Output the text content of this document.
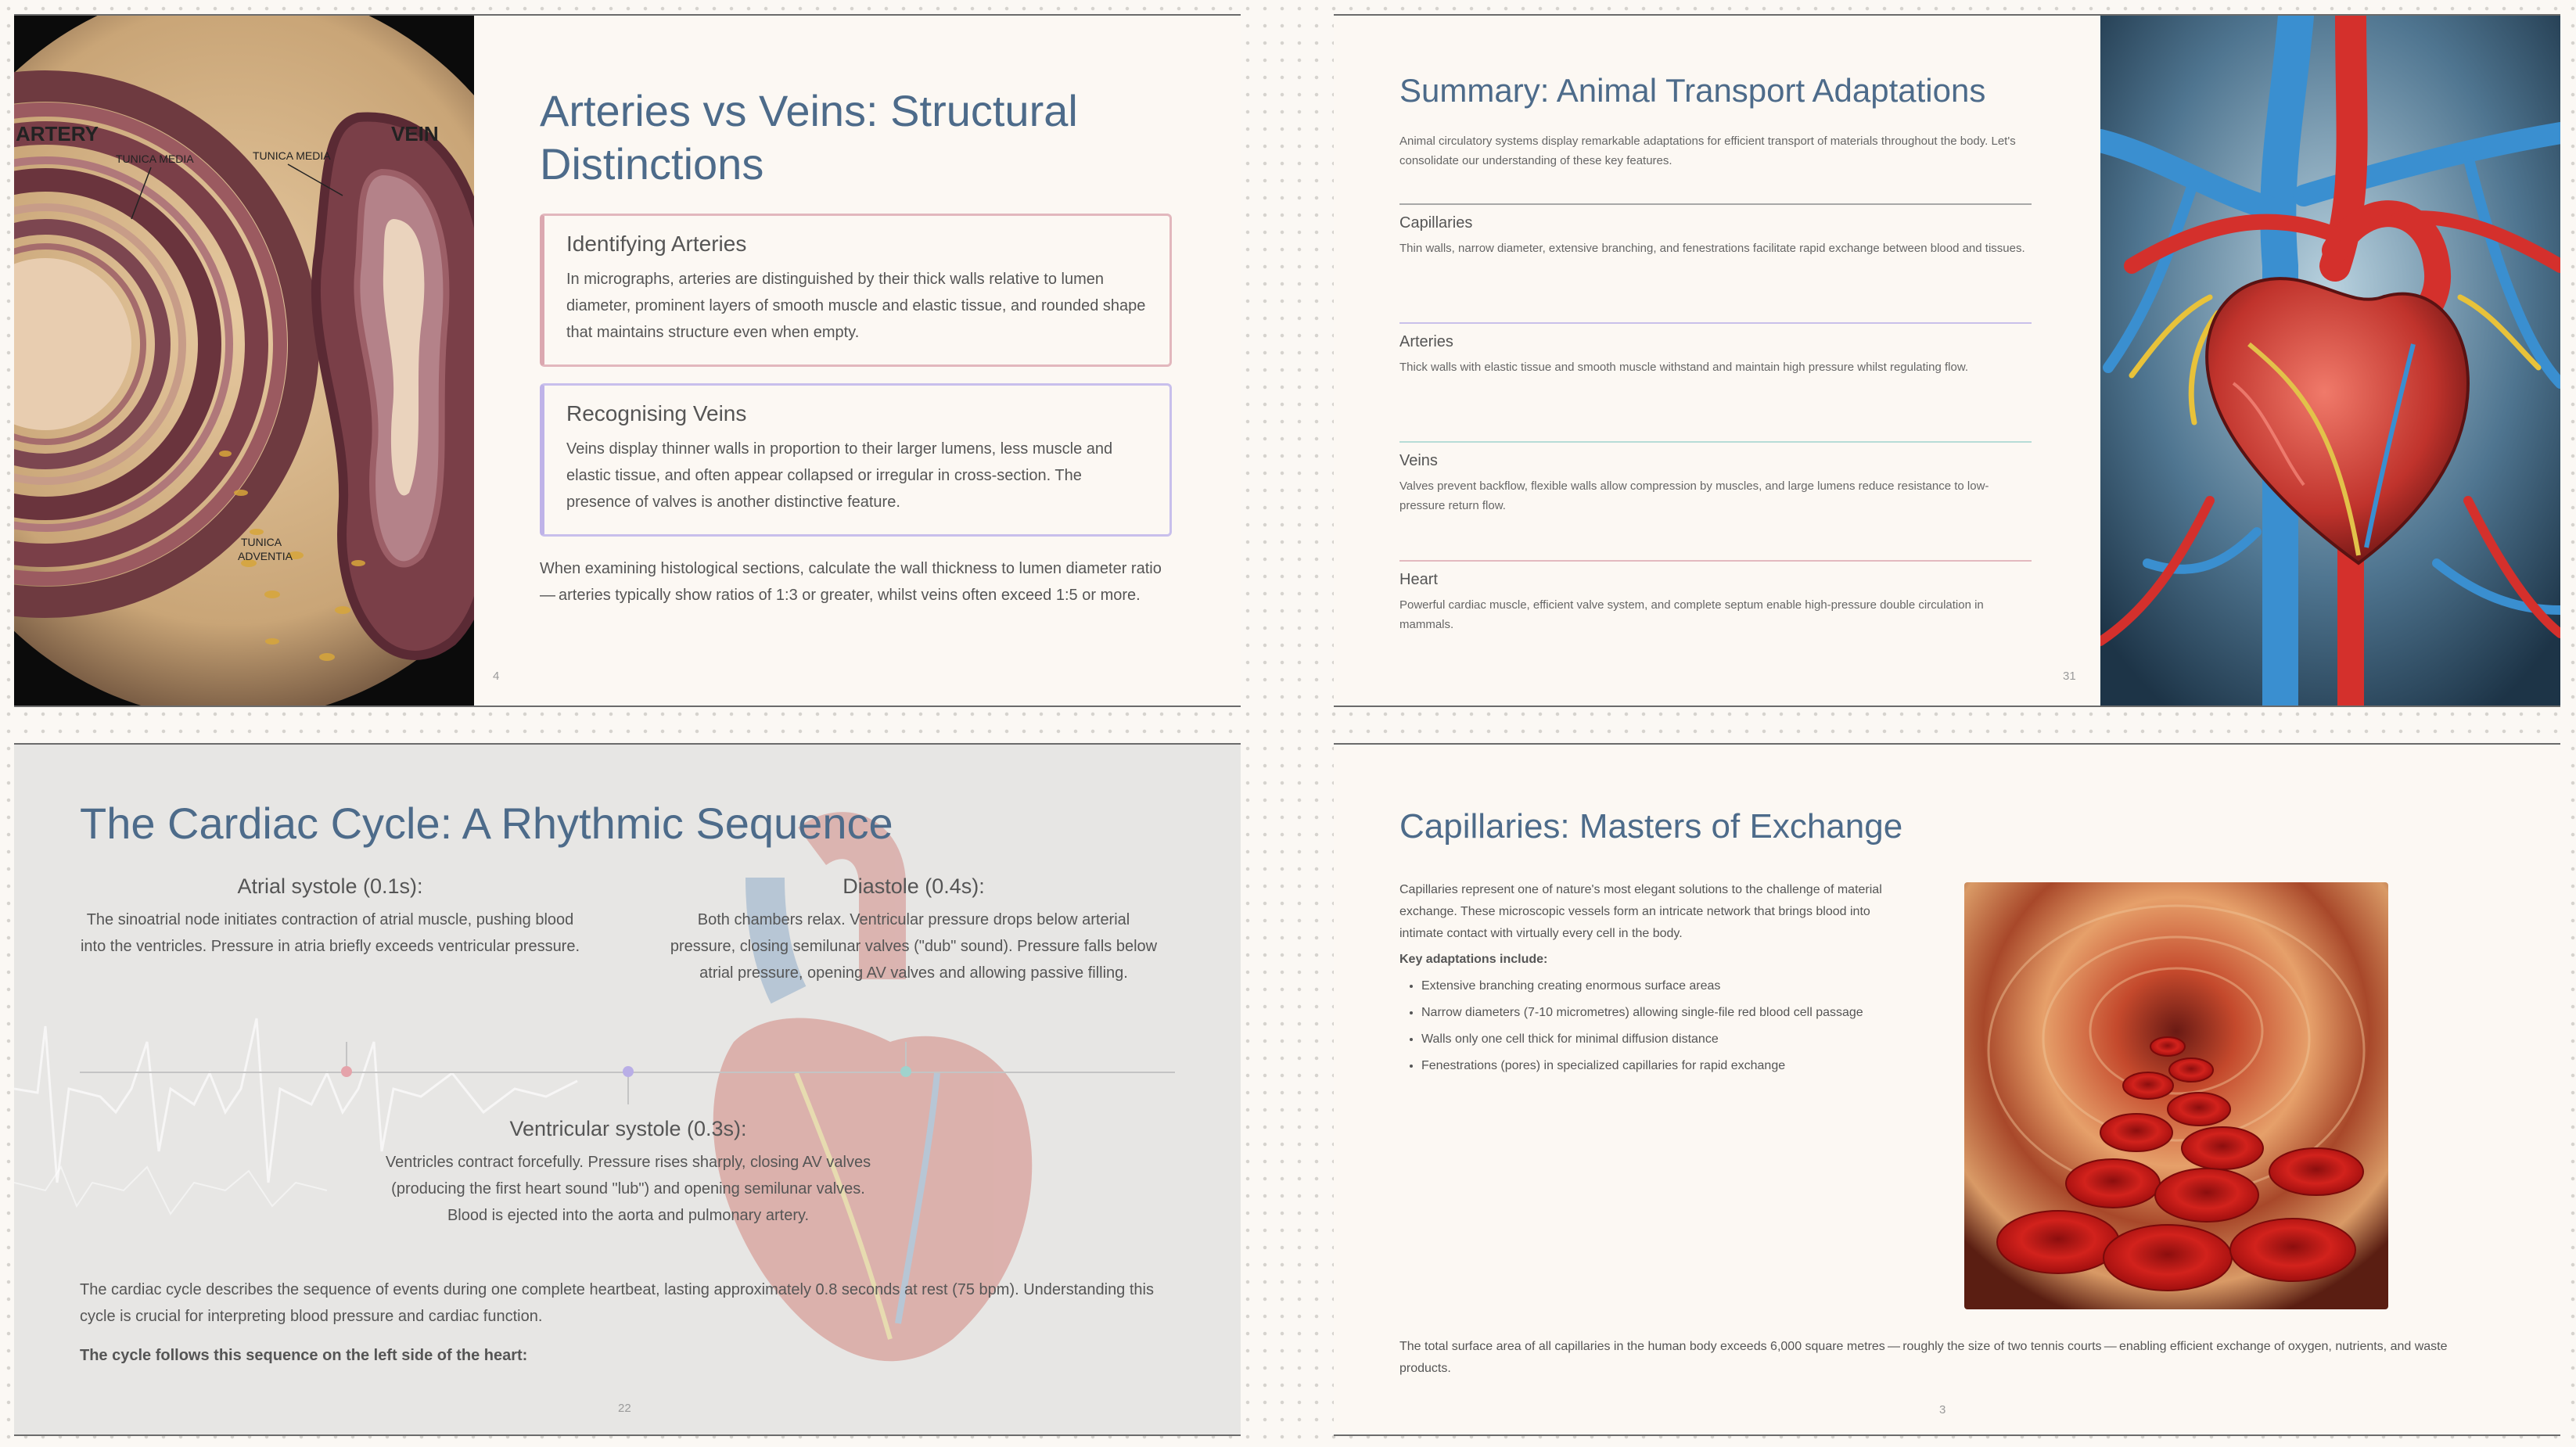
ARTERY	VEIN
TUNICA MEDIA	TUNICA MEDIA
TUNICA
ADVENTIA
Arteries vs Veins: Structural Distinctions
Identifying Arteries

In micrographs, arteries are distinguished by their thick walls relative to lumen diameter, prominent layers of smooth muscle and elastic tissue, and rounded shape that maintains structure even when empty.

Recognising Veins

Veins display thinner walls in proportion to their larger lumens, less muscle and elastic tissue, and often appear collapsed or irregular in cross-section. The presence of valves is another distinctive feature.

When examining histological sections, calculate the wall thickness to lumen diameter ratio — arteries typically show ratios of 1:3 or greater, whilst veins often exceed 1:5 or more.

4
Summary: Animal Transport Adaptations

Animal circulatory systems display remarkable adaptations for efficient transport of materials throughout the body. Let's consolidate our understanding of these key features.

Capillaries

Thin walls, narrow diameter, extensive branching, and fenestrations facilitate rapid exchange between blood and tissues.

Arteries

Thick walls with elastic tissue and smooth muscle withstand and maintain high pressure whilst regulating flow.

Veins

Valves prevent backflow, flexible walls allow compression by muscles, and large lumens reduce resistance to low-pressure return flow.

Heart

Powerful cardiac muscle, efficient valve system, and complete septum enable high-pressure double circulation in mammals.

31
The Cardiac Cycle: A Rhythmic Sequence
Atrial systole (0.1s):

The sinoatrial node initiates contraction of atrial muscle, pushing blood into the ventricles. Pressure in atria briefly exceeds ventricular pressure.

Diastole (0.4s):

Both chambers relax. Ventricular pressure drops below arterial pressure, closing semilunar valves ("dub" sound). Pressure falls below atrial pressure, opening AV valves and allowing passive filling.

Ventricular systole (0.3s):

Ventricles contract forcefully. Pressure rises sharply, closing AV valves (producing the first heart sound "lub") and opening semilunar valves. Blood is ejected into the aorta and pulmonary artery.

The cardiac cycle describes the sequence of events during one complete heartbeat, lasting approximately 0.8 seconds at rest (75 bpm). Understanding this cycle is crucial for interpreting blood pressure and cardiac function.

The cycle follows this sequence on the left side of the heart:

22
Capillaries: Masters of Exchange

Capillaries represent one of nature's most elegant solutions to the challenge of material exchange. These microscopic vessels form an intricate network that brings blood into intimate contact with virtually every cell in the body.

Key adaptations include:

• Extensive branching creating enormous surface areas
• Narrow diameters (7-10 micrometres) allowing single-file red blood cell passage
• Walls only one cell thick for minimal diffusion distance
• Fenestrations (pores) in specialized capillaries for rapid exchange

The total surface area of all capillaries in the human body exceeds 6,000 square metres — roughly the size of two tennis courts — enabling efficient exchange of oxygen, nutrients, and waste products.

3
